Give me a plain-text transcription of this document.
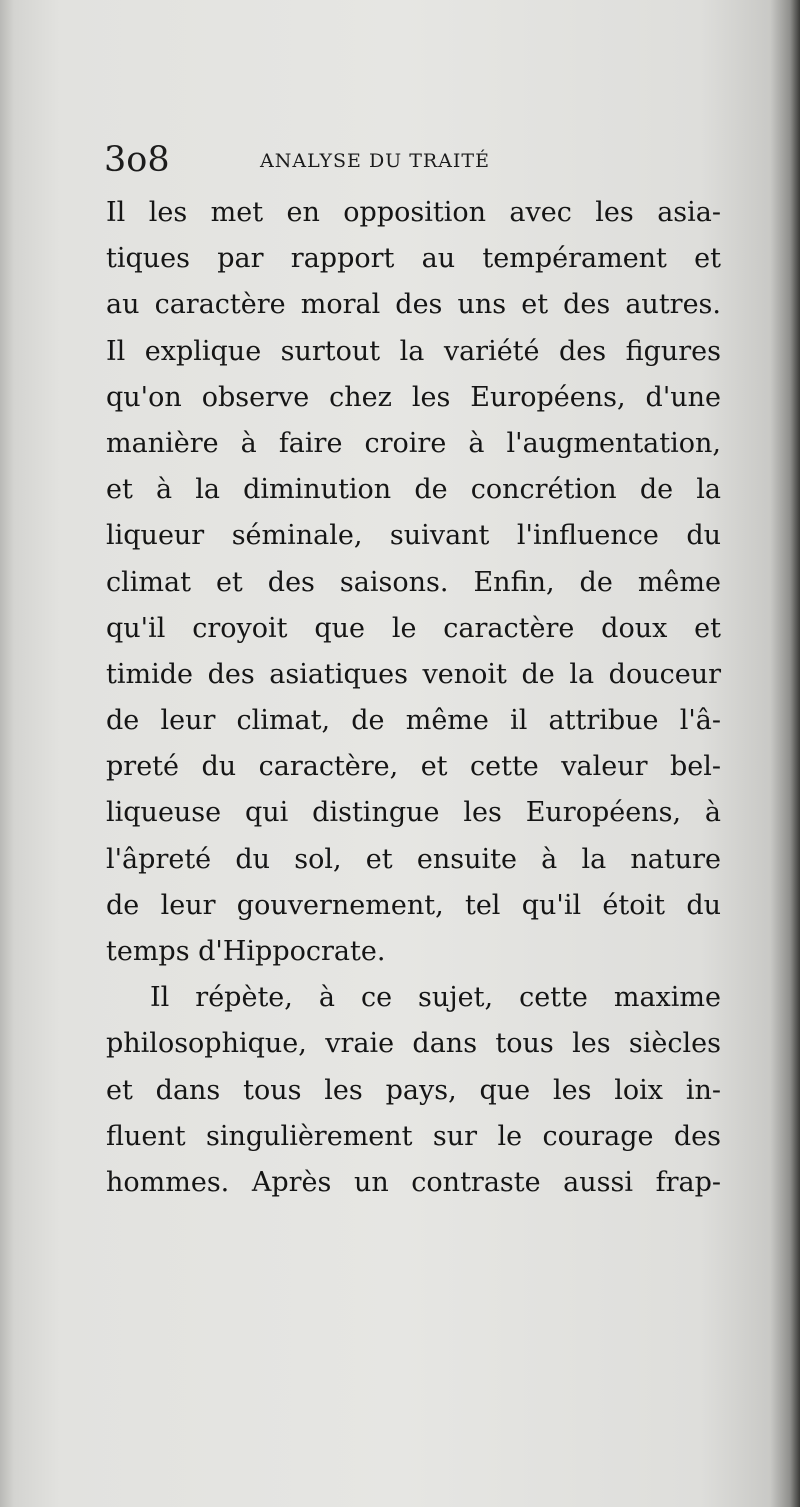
3o8	ANALYSE DU TRAITÉ
Il les met en opposition avec les asia-
tiques par rapport au tempérament et
au caractère moral des uns et des autres.
Il explique surtout la variété des figures
qu'on observe chez les Européens, d'une
manière à faire croire à l'augmentation,
et à la diminution de concrétion de la
liqueur séminale, suivant l'influence du
climat et des saisons. Enfin, de même
qu'il croyoit que le caractère doux et
timide des asiatiques venoit de la douceur
de leur climat, de même il attribue l'â-
preté du caractère, et cette valeur bel-
liqueuse qui distingue les Européens, à
l'âpreté du sol, et ensuite à la nature
de leur gouvernement, tel qu'il étoit du
temps d'Hippocrate.
Il répète, à ce sujet, cette maxime
philosophique, vraie dans tous les siècles
et dans tous les pays, que les loix in-
fluent singulièrement sur le courage des
hommes. Après un contraste aussi frap-
